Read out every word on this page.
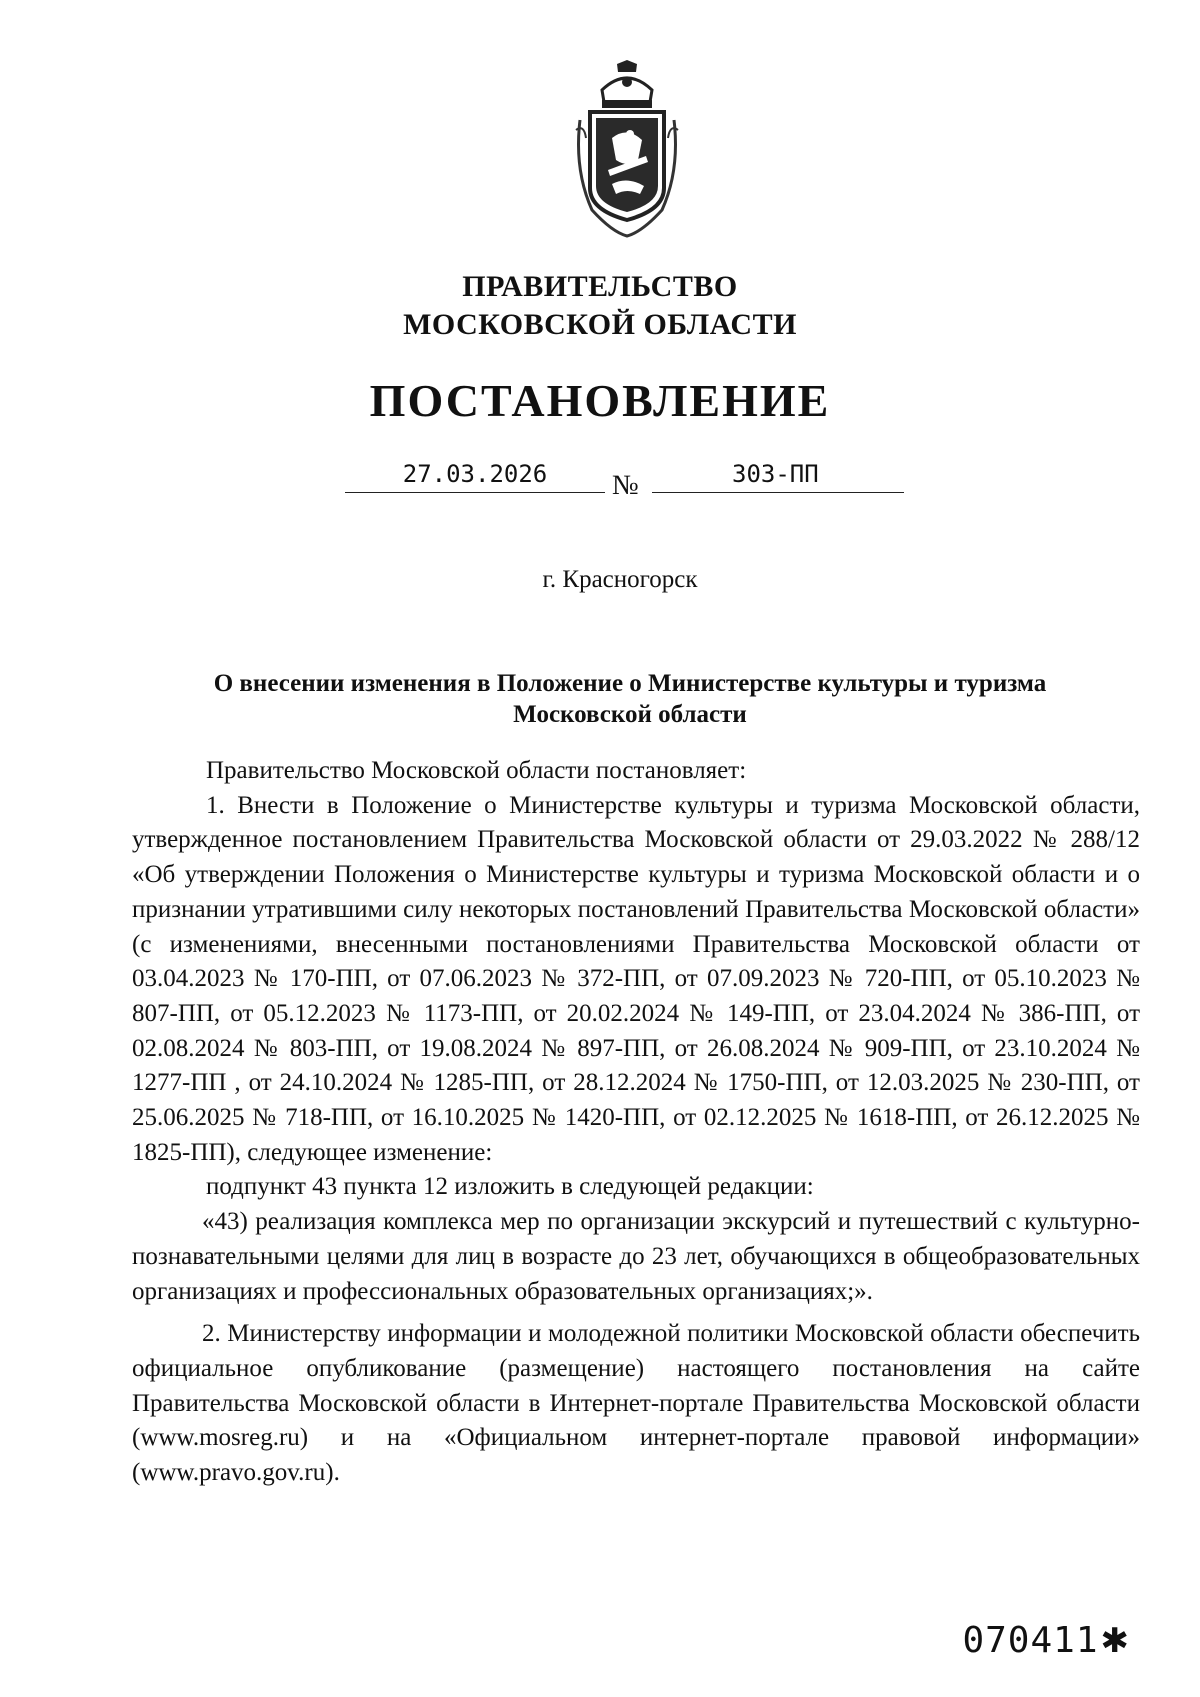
ПРАВИТЕЛЬСТВО
МОСКОВСКОЙ ОБЛАСТИ
ПОСТАНОВЛЕНИЕ
27.03.2026	№	303-ПП
г. Красногорск
О внесении изменения в Положение о Министерстве культуры и туризма
Московской области

Правительство Московской области постановляет:

1. Внести в Положение о Министерстве культуры и туризма Московской области, утвержденное постановлением Правительства Московской области от 29.03.2022 № 288/12 «Об утверждении Положения о Министерстве культуры и туризма Московской области и о признании утратившими силу некоторых постановлений Правительства Московской области» (с изменениями, внесенными постановлениями Правительства Московской области от 03.04.2023 № 170-ПП, от 07.06.2023 № 372-ПП, от 07.09.2023 № 720-ПП, от 05.10.2023 № 807-ПП, от 05.12.2023 № 1173-ПП, от 20.02.2024 № 149-ПП, от 23.04.2024 № 386-ПП, от 02.08.2024 № 803-ПП, от 19.08.2024 № 897-ПП, от 26.08.2024 № 909-ПП, от 23.10.2024 № 1277-ПП , от 24.10.2024 № 1285-ПП, от 28.12.2024 № 1750-ПП, от 12.03.2025 № 230-ПП, от 25.06.2025 № 718-ПП, от 16.10.2025 № 1420-ПП, от 02.12.2025 № 1618-ПП, от 26.12.2025 № 1825-ПП), следующее изменение:

подпункт 43 пункта 12 изложить в следующей редакции:

«43) реализация комплекса мер по организации экскурсий и путешествий с культурно-познавательными целями для лиц в возрасте до 23 лет, обучающихся в общеобразовательных организациях и профессиональных образовательных организациях;».

2. Министерству информации и молодежной политики Московской области обеспечить официальное опубликование (размещение) настоящего постановления на сайте Правительства Московской области в Интернет-портале Правительства Московской области (www.mosreg.ru) и на «Официальном интернет-портале правовой информации» (www.pravo.gov.ru).

070411✱
